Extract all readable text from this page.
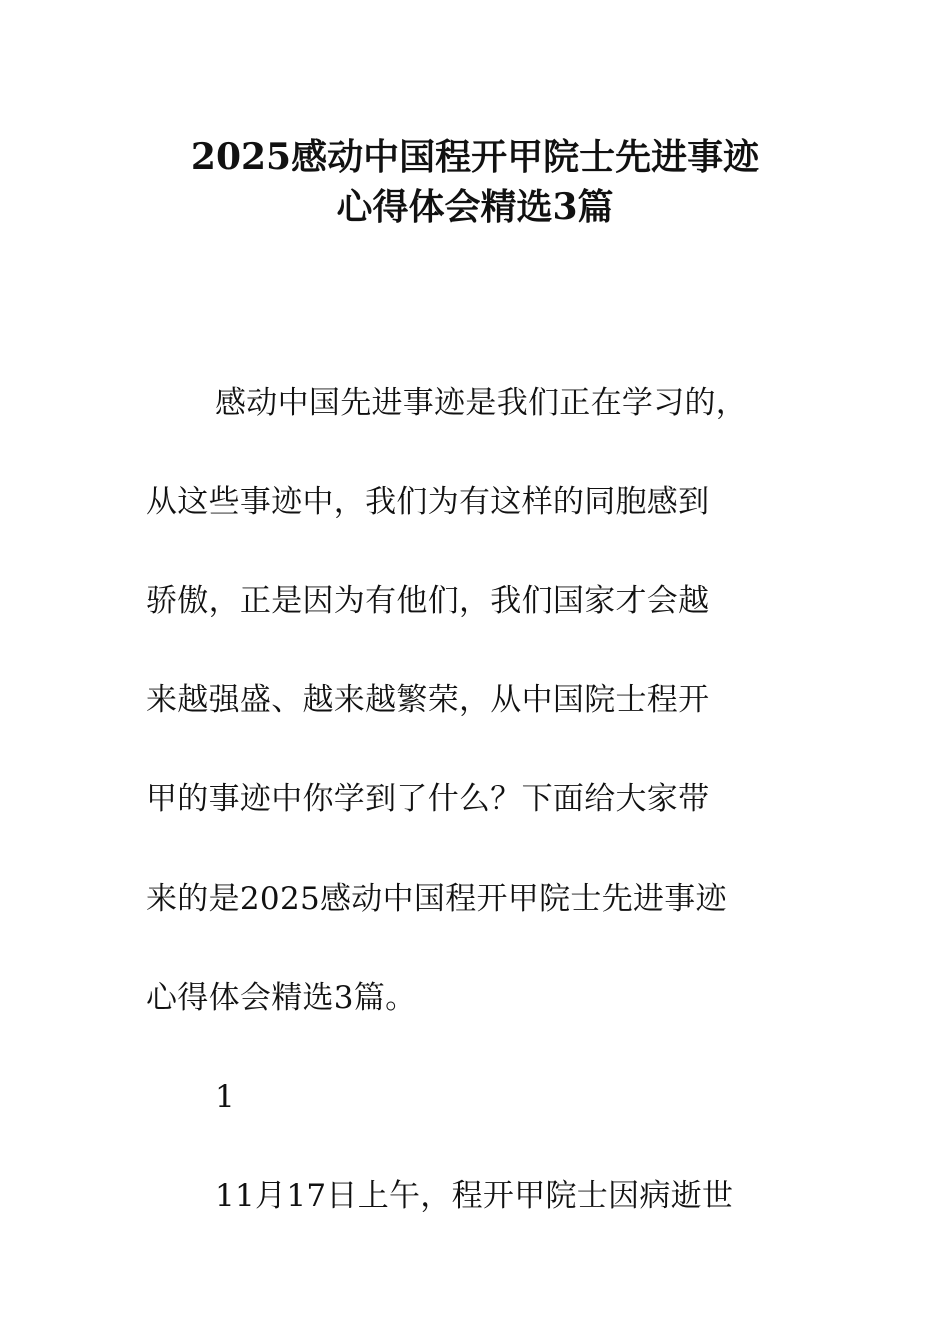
2025感动中国程开甲院士先进事迹
心得体会精选3篇
感动中国先进事迹是我们正在学习的，
从这些事迹中，我们为有这样的同胞感到
骄傲，正是因为有他们，我们国家才会越
来越强盛、越来越繁荣，从中国院士程开
甲的事迹中你学到了什么？下面给大家带
来的是2025感动中国程开甲院士先进事迹
心得体会精选3篇。
1
11月17日上午，程开甲院士因病逝世
